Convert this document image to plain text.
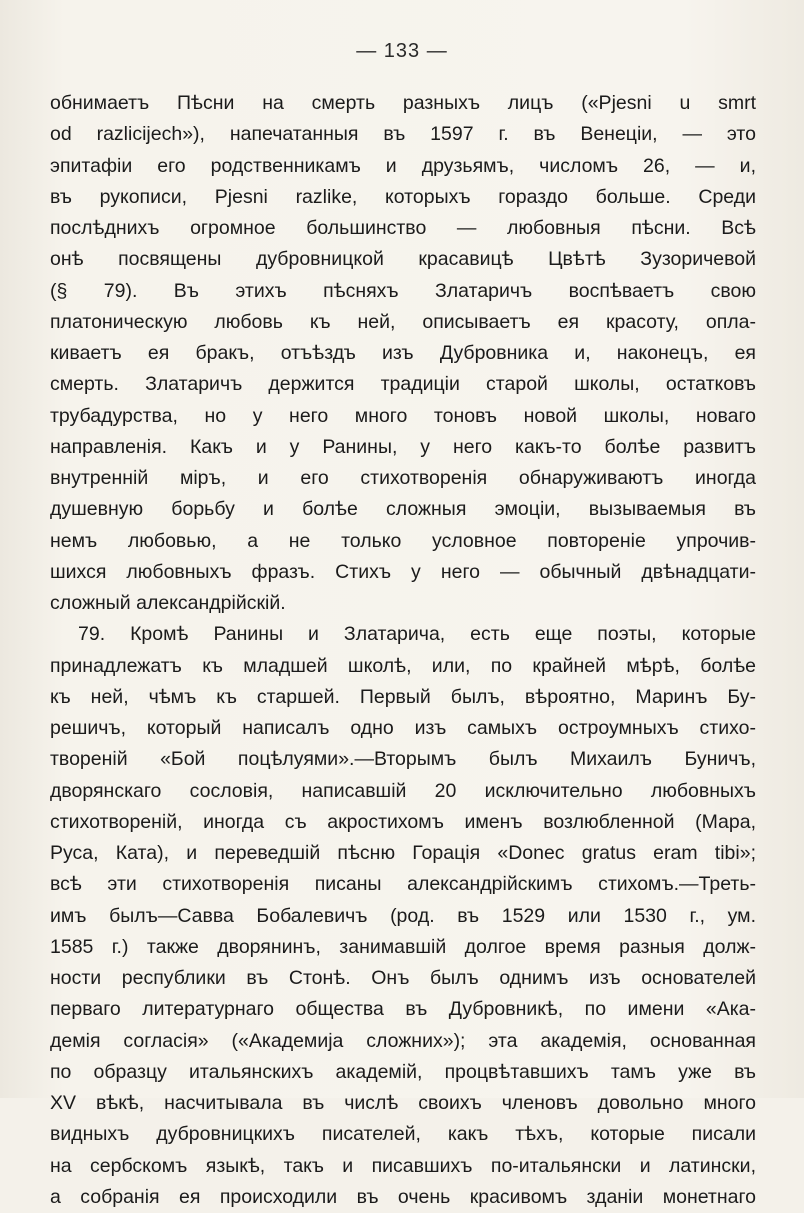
— 133 —
обнимаетъ Пѣсни на смерть разныхъ лицъ («Pjesni u smrt
od razlicijech»), напечатанныя въ 1597 г. въ Венеціи, — это
эпитафіи его родственникамъ и друзьямъ, числомъ 26, — и,
въ рукописи, Pjesni razlike, которыхъ гораздо больше. Среди
послѣднихъ огромное большинство — любовныя пѣсни. Всѣ
онѣ посвящены дубровницкой красавицѣ Цвѣтѣ Зузоричевой
(§ 79). Въ этихъ пѣсняхъ Златаричъ воспѣваетъ свою
платоническую любовь къ ней, описываетъ ея красоту, опла-
киваетъ ея бракъ, отъѣздъ изъ Дубровника и, наконецъ, ея
смерть. Златаричъ держится традиціи старой школы, остатковъ
трубадурства, но у него много тоновъ новой школы, новаго
направленія. Какъ и у Ранины, у него какъ-то болѣе развитъ
внутренній міръ, и его стихотворенія обнаруживаютъ иногда
душевную борьбу и болѣе сложныя эмоціи, вызываемыя въ
немъ любовью, а не только условное повтореніе упрочив-
шихся любовныхъ фразъ. Стихъ у него — обычный двѣнадцати-
сложный александрійскій.
79. Кромѣ Ранины и Златарича, есть еще поэты, которые
принадлежатъ къ младшей школѣ, или, по крайней мѣрѣ, болѣе
къ ней, чѣмъ къ старшей. Первый былъ, вѣроятно, Маринъ Бу-
решичъ, который написалъ одно изъ самыхъ остроумныхъ стихо-
твореній «Бой поцѣлуями».—Вторымъ былъ Михаилъ Буничъ,
дворянскаго сословія, написавшій 20 исключительно любовныхъ
стихотвореній, иногда съ акростихомъ именъ возлюбленной (Мара,
Руса, Ката), и переведшій пѣсню Горація «Donec gratus eram tibi»;
всѣ эти стихотворенія писаны александрійскимъ стихомъ.—Треть-
имъ былъ—Савва Бобалевичъ (род. въ 1529 или 1530 г., ум.
1585 г.) также дворянинъ, занимавшій долгое время разныя долж-
ности республики въ Стонѣ. Онъ былъ однимъ изъ основателей
перваго литературнаго общества въ Дубровникѣ, по имени «Ака-
демія согласія» («Академија сложних»); эта академія, основанная
по образцу итальянскихъ академій, процвѣтавшихъ тамъ уже въ
XV вѣкѣ, насчитывала въ числѣ своихъ членовъ довольно много
видныхъ дубровницкихъ писателей, какъ тѣхъ, которые писали
на сербскомъ языкѣ, такъ и писавшихъ по-итальянски и латински,
а собранія ея происходили въ очень красивомъ зданіи монетнаго
